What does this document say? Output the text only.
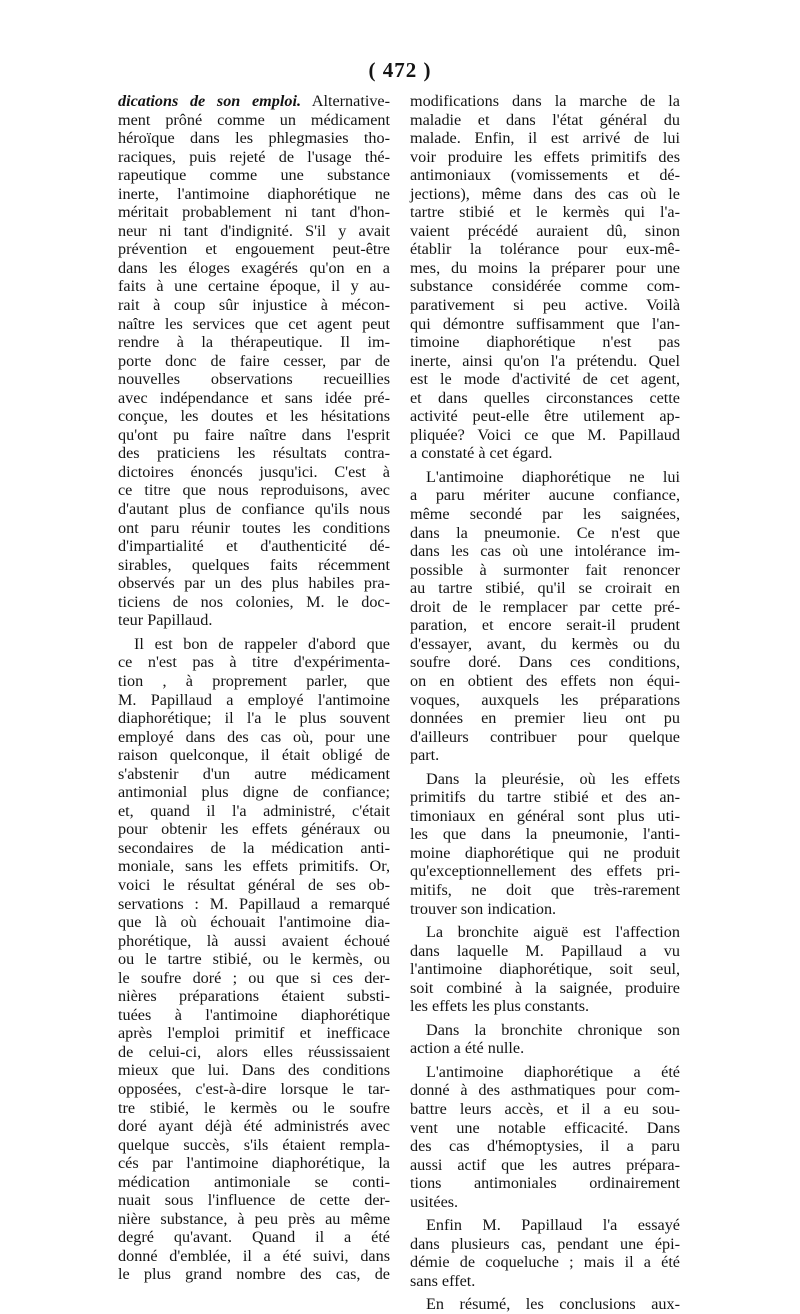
( 472 )
dications de son emploi. Alternative-
ment prôné comme un médicament
héroïque dans les phlegmasies tho-
raciques, puis rejeté de l'usage thé-
rapeutique comme une substance
inerte, l'antimoine diaphorétique ne
méritait probablement ni tant d'hon-
neur ni tant d'indignité. S'il y avait
prévention et engouement peut-être
dans les éloges exagérés qu'on en a
faits à une certaine époque, il y au-
rait à coup sûr injustice à mécon-
naître les services que cet agent peut
rendre à la thérapeutique. Il im-
porte donc de faire cesser, par de
nouvelles observations recueillies
avec indépendance et sans idée pré-
conçue, les doutes et les hésitations
qu'ont pu faire naître dans l'esprit
des praticiens les résultats contra-
dictoires énoncés jusqu'ici. C'est à
ce titre que nous reproduisons, avec
d'autant plus de confiance qu'ils nous
ont paru réunir toutes les conditions
d'impartialité et d'authenticité dé-
sirables, quelques faits récemment
observés par un des plus habiles pra-
ticiens de nos colonies, M. le doc-
teur Papillaud.
Il est bon de rappeler d'abord que
ce n'est pas à titre d'expérimenta-
tion , à proprement parler, que
M. Papillaud a employé l'antimoine
diaphorétique; il l'a le plus souvent
employé dans des cas où, pour une
raison quelconque, il était obligé de
s'abstenir d'un autre médicament
antimonial plus digne de confiance;
et, quand il l'a administré, c'était
pour obtenir les effets généraux ou
secondaires de la médication anti-
moniale, sans les effets primitifs. Or,
voici le résultat général de ses ob-
servations : M. Papillaud a remarqué
que là où échouait l'antimoine dia-
phorétique, là aussi avaient échoué
ou le tartre stibié, ou le kermès, ou
le soufre doré ; ou que si ces der-
nières préparations étaient substi-
tuées à l'antimoine diaphorétique
après l'emploi primitif et inefficace
de celui-ci, alors elles réussissaient
mieux que lui. Dans des conditions
opposées, c'est-à-dire lorsque le tar-
tre stibié, le kermès ou le soufre
doré ayant déjà été administrés avec
quelque succès, s'ils étaient rempla-
cés par l'antimoine diaphorétique, la
médication antimoniale se conti-
nuait sous l'influence de cette der-
nière substance, à peu près au même
degré qu'avant. Quand il a été
donné d'emblée, il a été suivi, dans
le plus grand nombre des cas, de
modifications dans la marche de la
maladie et dans l'état général du
malade. Enfin, il est arrivé de lui
voir produire les effets primitifs des
antimoniaux (vomissements et dé-
jections), même dans des cas où le
tartre stibié et le kermès qui l'a-
vaient précédé auraient dû, sinon
établir la tolérance pour eux-mê-
mes, du moins la préparer pour une
substance considérée comme com-
parativement si peu active. Voilà
qui démontre suffisamment que l'an-
timoine diaphorétique n'est pas
inerte, ainsi qu'on l'a prétendu. Quel
est le mode d'activité de cet agent,
et dans quelles circonstances cette
activité peut-elle être utilement ap-
pliquée? Voici ce que M. Papillaud
a constaté à cet égard.
L'antimoine diaphorétique ne lui
a paru mériter aucune confiance,
même secondé par les saignées,
dans la pneumonie. Ce n'est que
dans les cas où une intolérance im-
possible à surmonter fait renoncer
au tartre stibié, qu'il se croirait en
droit de le remplacer par cette pré-
paration, et encore serait-il prudent
d'essayer, avant, du kermès ou du
soufre doré. Dans ces conditions,
on en obtient des effets non équi-
voques, auxquels les préparations
données en premier lieu ont pu
d'ailleurs contribuer pour quelque
part.
Dans la pleurésie, où les effets
primitifs du tartre stibié et des an-
timoniaux en général sont plus uti-
les que dans la pneumonie, l'anti-
moine diaphorétique qui ne produit
qu'exceptionnellement des effets pri-
mitifs, ne doit que très-rarement
trouver son indication.
La bronchite aiguë est l'affection
dans laquelle M. Papillaud a vu
l'antimoine diaphorétique, soit seul,
soit combiné à la saignée, produire
les effets les plus constants.
Dans la bronchite chronique son
action a été nulle.
L'antimoine diaphorétique a été
donné à des asthmatiques pour com-
battre leurs accès, et il a eu sou-
vent une notable efficacité. Dans
des cas d'hémoptysies, il a paru
aussi actif que les autres prépara-
tions antimoniales ordinairement
usitées.
Enfin M. Papillaud l'a essayé
dans plusieurs cas, pendant une épi-
démie de coqueluche ; mais il a été
sans effet.
En résumé, les conclusions aux-
